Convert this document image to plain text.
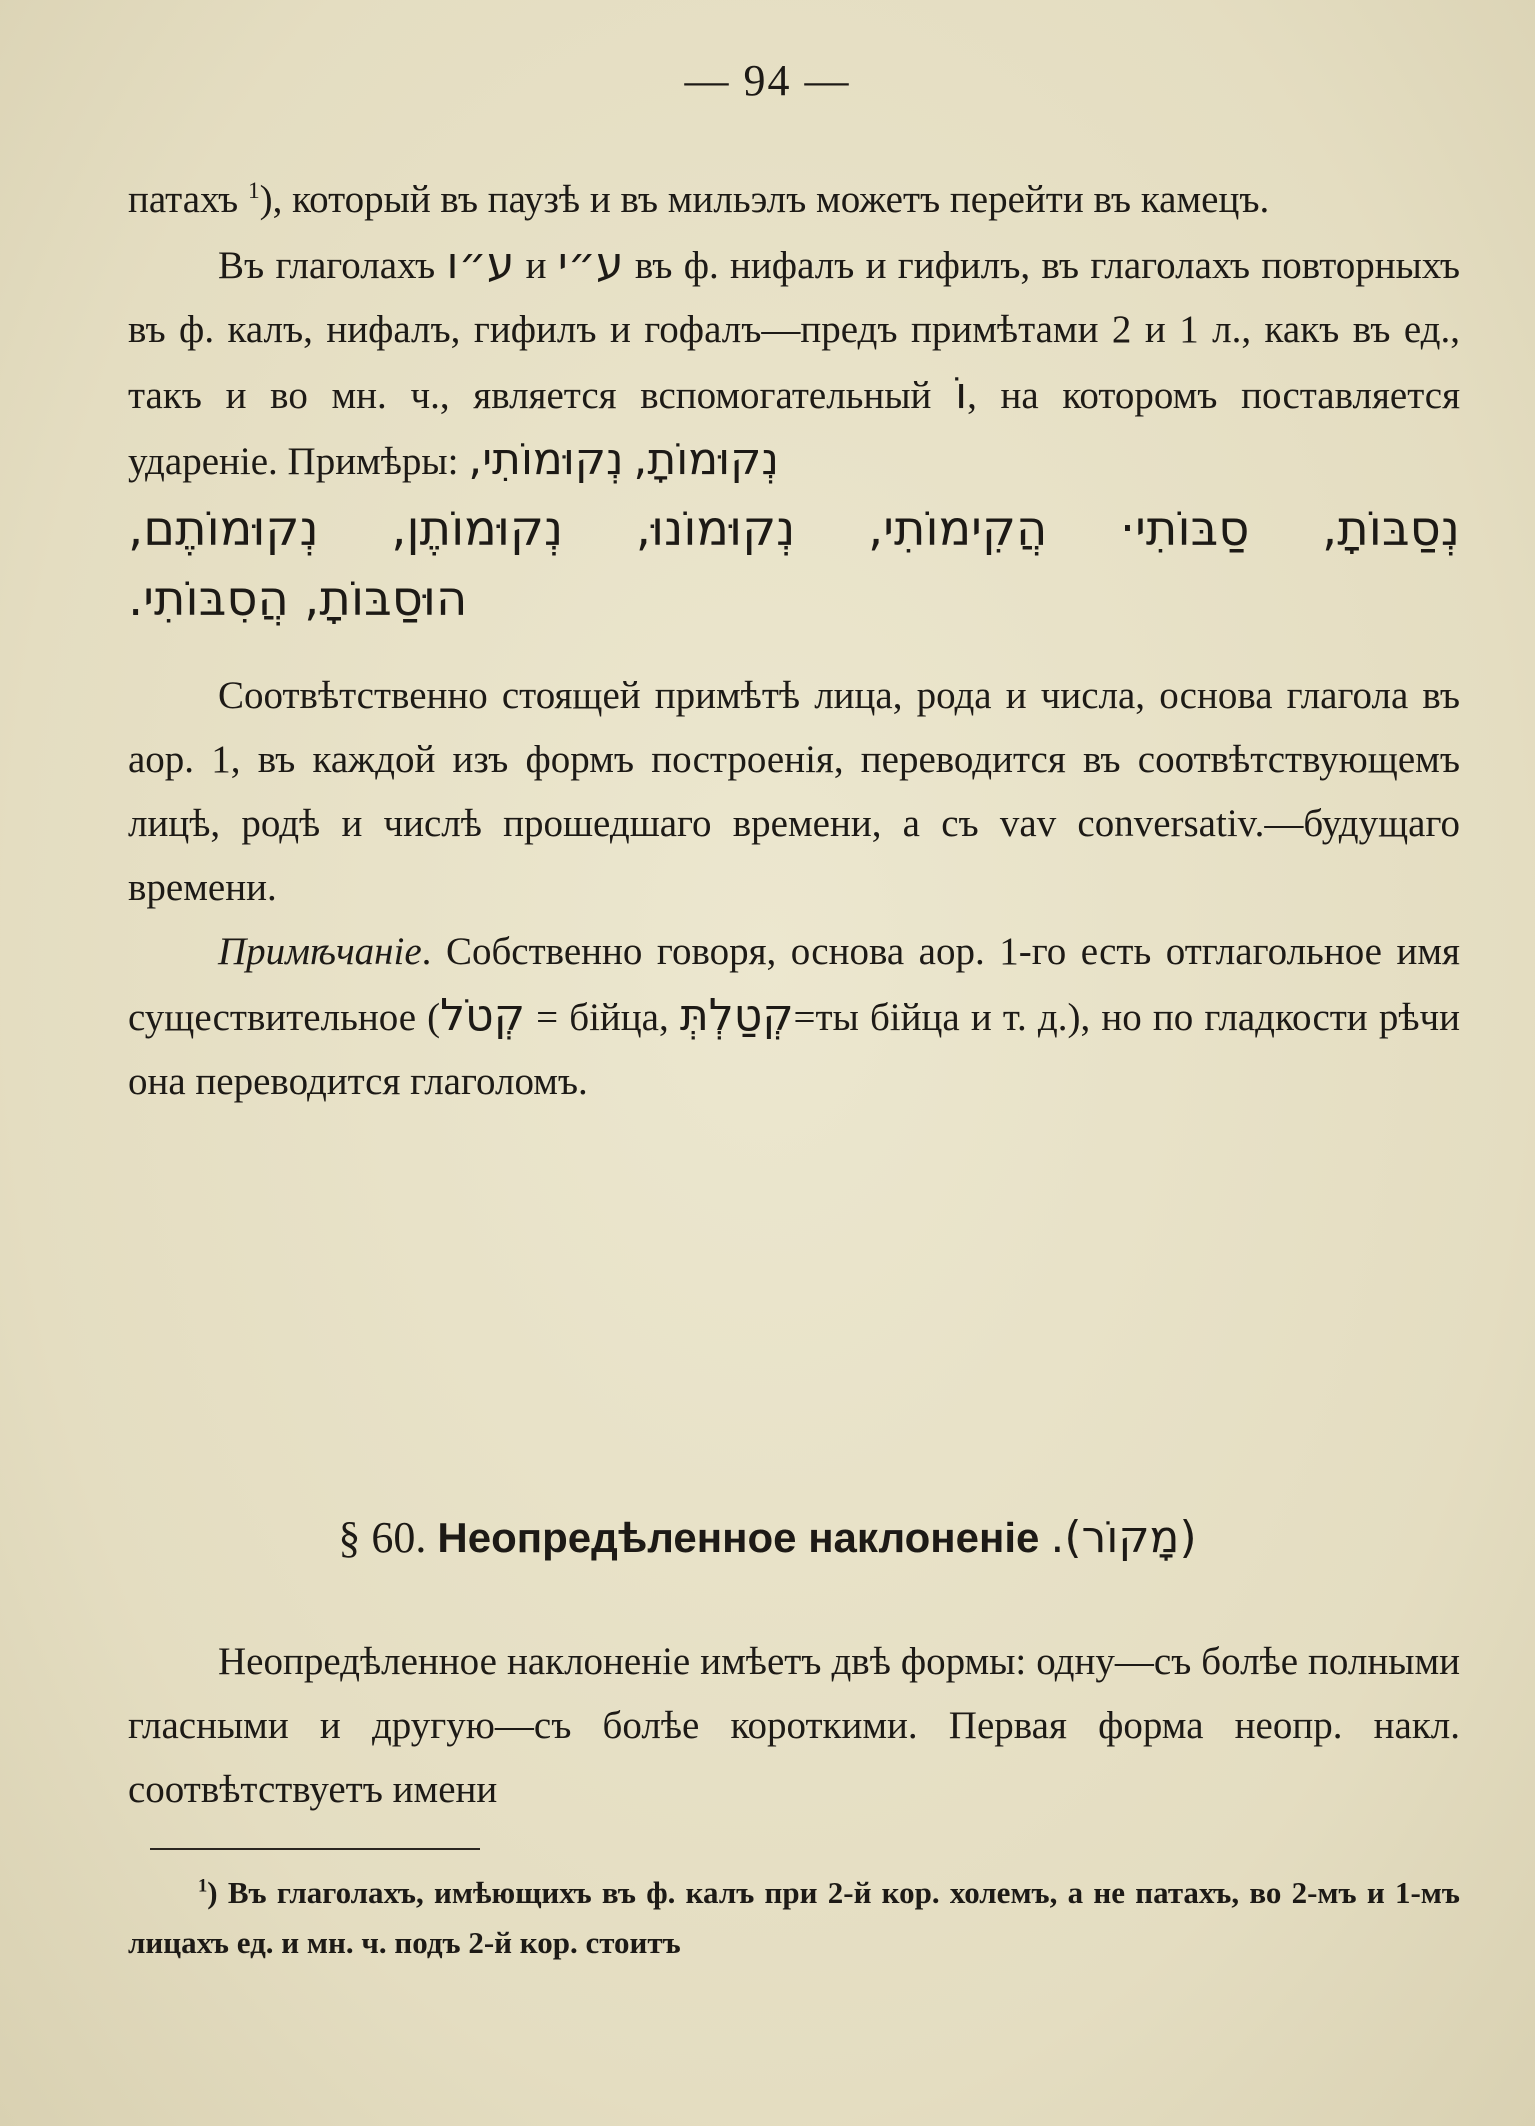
— 94 —

патахъ $^1$), который въ паузѣ и въ мильэлъ можетъ перейти въ камецъ.

Въ глаголахъ ע״ו и ע״י въ ф. нифалъ и гифилъ, въ глаголахъ повторныхъ въ ф. калъ, нифалъ, гифилъ и гофалъ—предъ примѣтами 2 и 1 л., какъ въ ед., такъ и во мн. ч., является вспомогательный וֹ, на которомъ поставляется удареніе. Примѣры: נְקוּמוֹתִי, נְקוּמוֹתָ,

נְסַבּוֹתָ, סַבּוֹתִי· הֲקִימוֹתִי, נְקוּמוֹנוּ, נְקוּמוֹתֶן, נְקוּמוֹתֶם,

הוּסַבּוֹתָ, הֲסִבּוֹתִי.

Соотвѣтственно стоящей примѣтѣ лица, рода и числа, основа глагола въ аор. 1, въ каждой изъ формъ построенія, переводится въ соотвѣтствующемъ лицѣ, родѣ и числѣ прошедшаго времени, а съ vav conversativ.—будущаго времени.

Примѣчаніе. Собственно говоря, основа аор. 1-го есть отглагольное имя существительное (קְטֹל = бійца, קְטַלְתְּ=ты бійца и т. д.), но по гладкости рѣчи она переводится глаголомъ.

§ 60. Неопредѣленное наклоненіе (מָקוֹר).

Неопредѣленное наклоненіе имѣетъ двѣ формы: одну—съ болѣе полными гласными и другую—съ болѣе короткими. Первая форма неопр. накл. соотвѣтствуетъ имени

$^1$) Въ глаголахъ, имѣющихъ въ ф. калъ при 2-й кор. холемъ, а не патахъ, во 2-мъ и 1-мъ лицахъ ед. и мн. ч. подъ 2-й кор. стоитъ
